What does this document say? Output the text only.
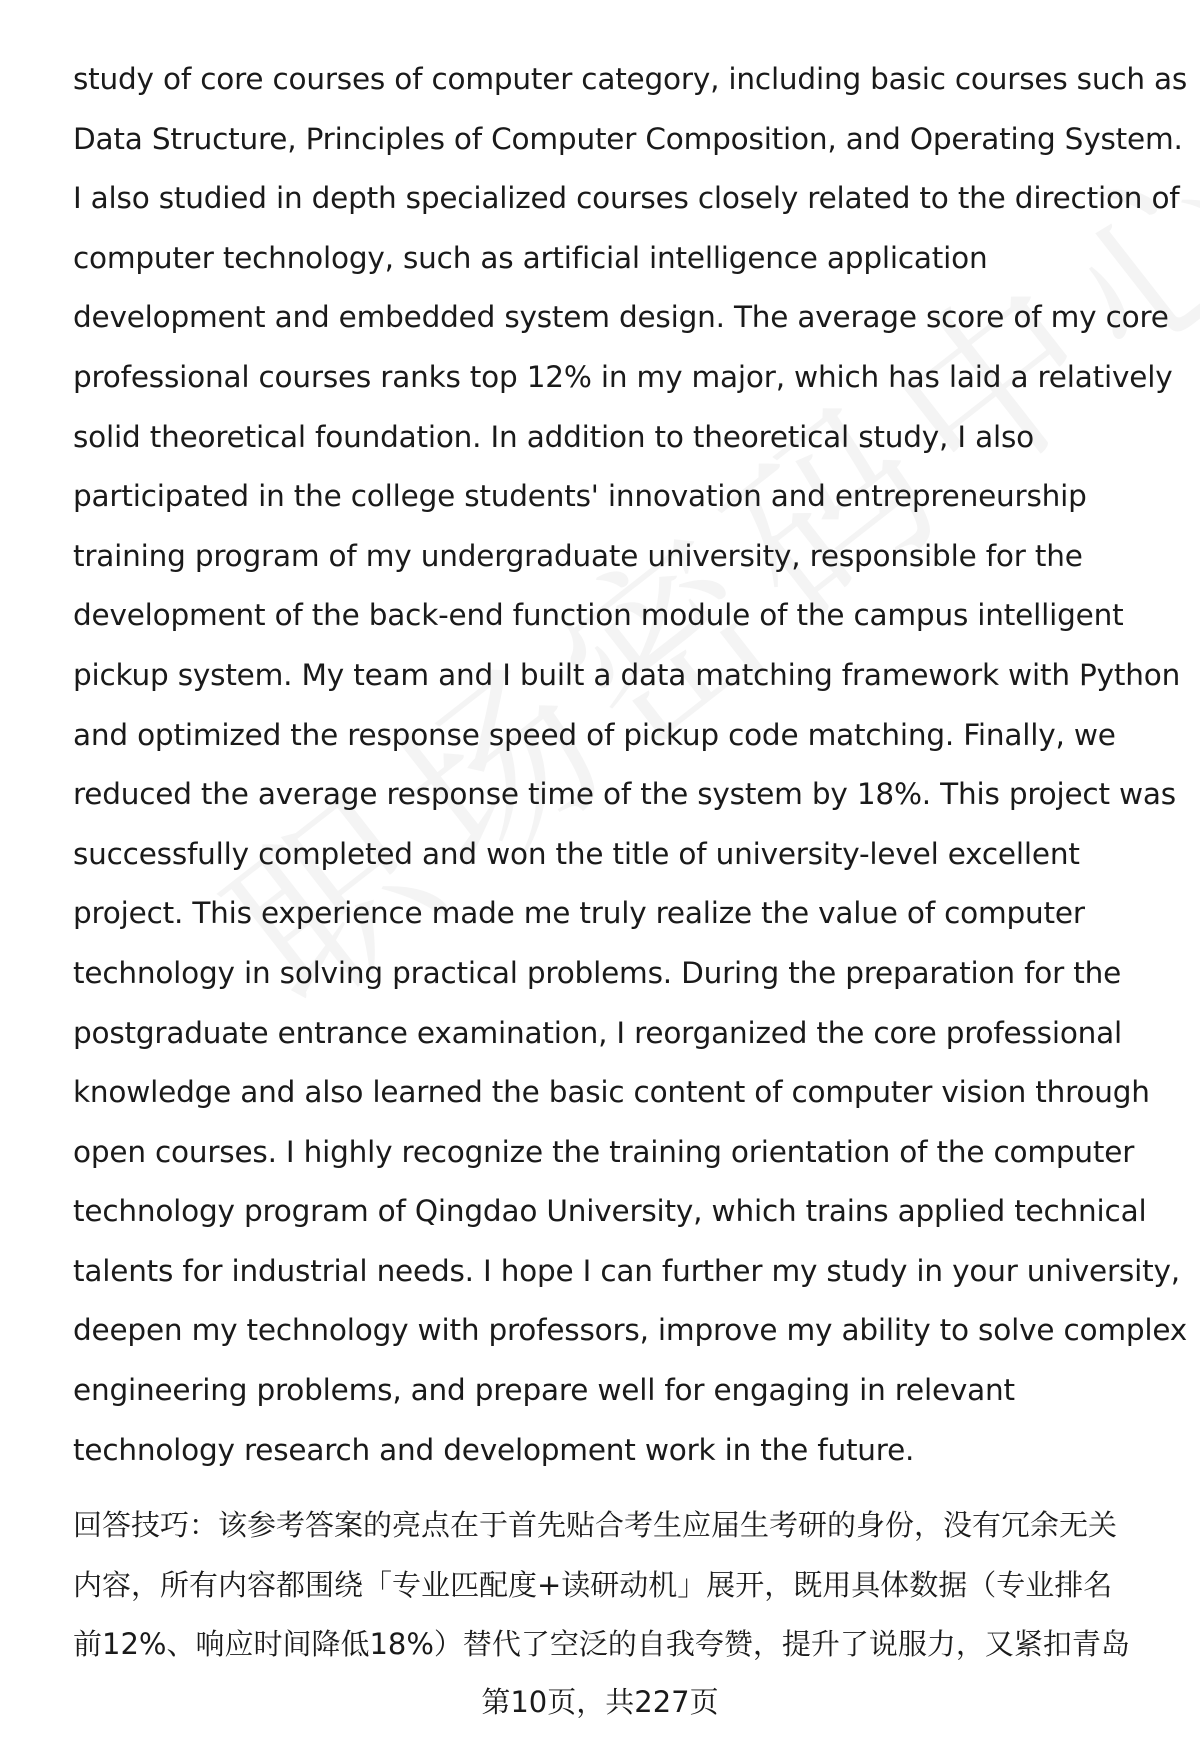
study of core courses of computer category, including basic courses such as
Data Structure, Principles of Computer Composition, and Operating System.
I also studied in depth specialized courses closely related to the direction of
computer technology, such as artificial intelligence application
development and embedded system design. The average score of my core
professional courses ranks top 12% in my major, which has laid a relatively
solid theoretical foundation. In addition to theoretical study, I also
participated in the college students' innovation and entrepreneurship
training program of my undergraduate university, responsible for the
development of the back-end function module of the campus intelligent
pickup system. My team and I built a data matching framework with Python
and optimized the response speed of pickup code matching. Finally, we
reduced the average response time of the system by 18%. This project was
successfully completed and won the title of university-level excellent
project. This experience made me truly realize the value of computer
technology in solving practical problems. During the preparation for the
postgraduate entrance examination, I reorganized the core professional
knowledge and also learned the basic content of computer vision through
open courses. I highly recognize the training orientation of the computer
technology program of Qingdao University, which trains applied technical
talents for industrial needs. I hope I can further my study in your university,
deepen my technology with professors, improve my ability to solve complex
engineering problems, and prepare well for engaging in relevant
technology research and development work in the future.
回答技巧：该参考答案的亮点在于首先贴合考生应届生考研的身份，没有冗余无关
内容，所有内容都围绕「专业匹配度+读研动机」展开，既用具体数据（专业排名
前12%、响应时间降低18%）替代了空泛的自我夸赞，提升了说服力，又紧扣青岛
第10页，共227页
